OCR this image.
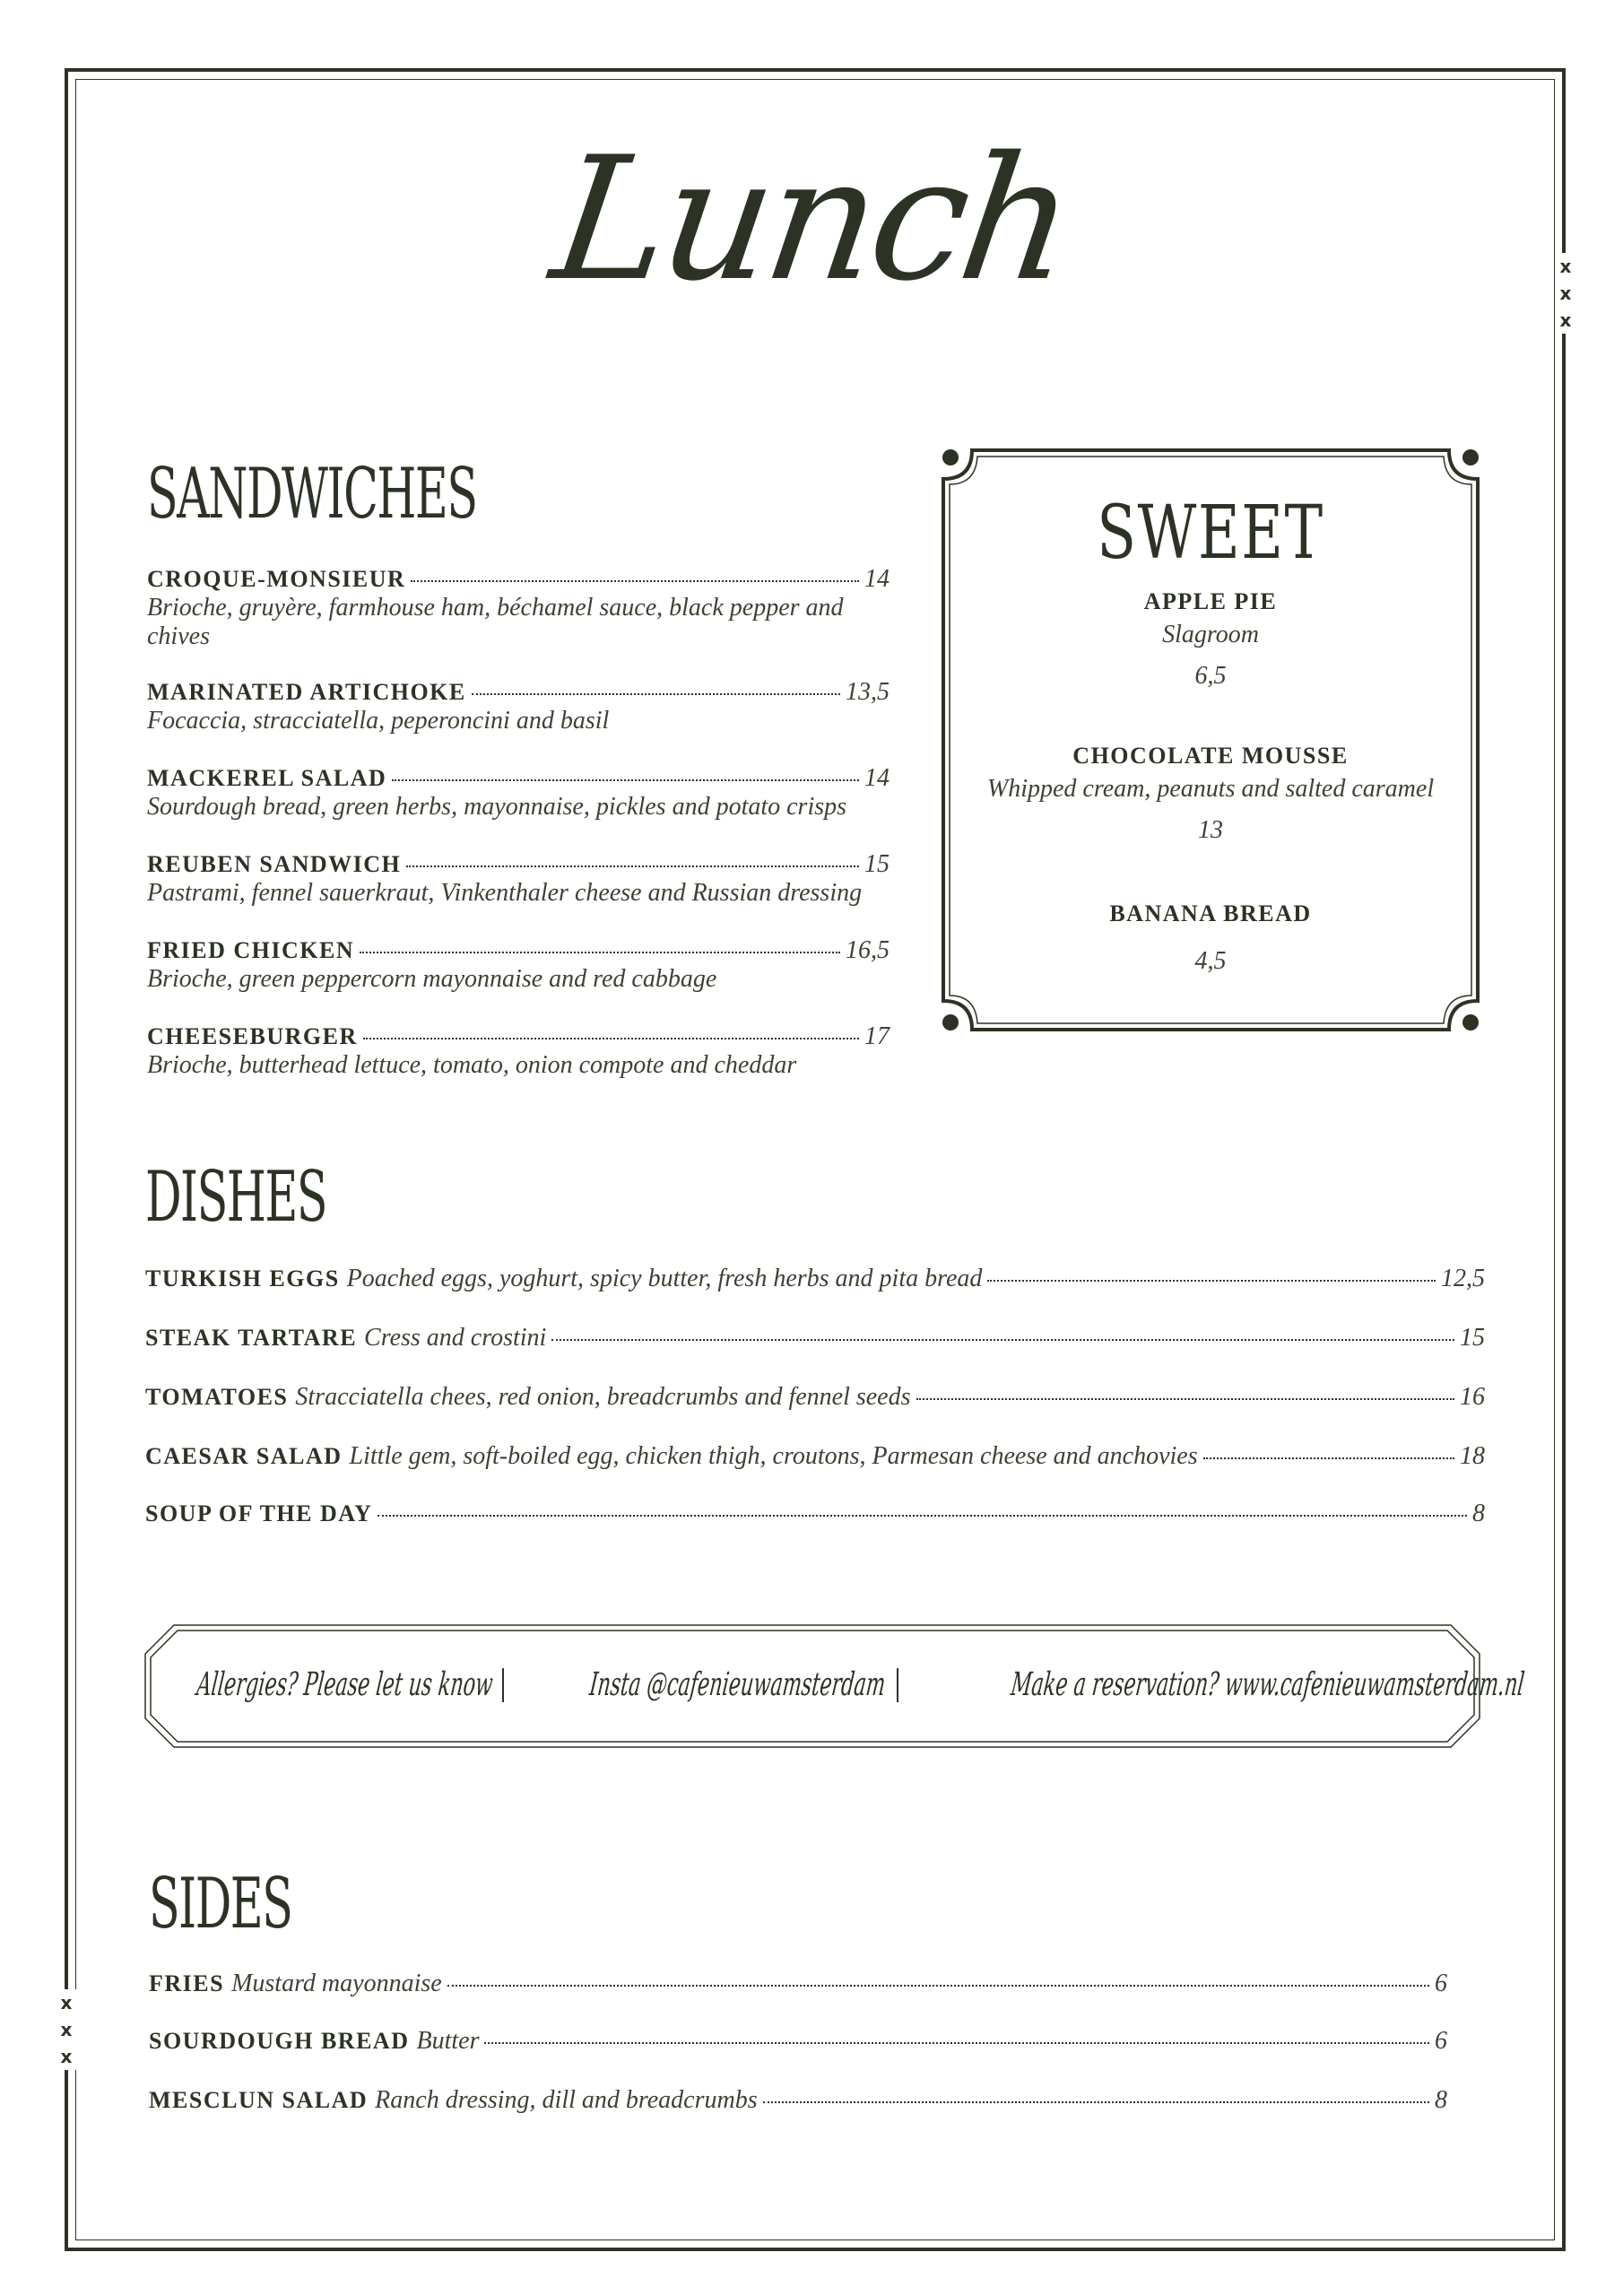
x
x
x
x
x
x
Lunch
SANDWICHES
CROQUE-MONSIEUR	14
Brioche, gruyère, farmhouse ham, béchamel sauce, black pepper and chives
MARINATED ARTICHOKE	13,5
Focaccia, stracciatella, peperoncini and basil
MACKEREL SALAD	14
Sourdough bread, green herbs, mayonnaise, pickles and potato crisps
REUBEN SANDWICH	15
Pastrami, fennel sauerkraut, Vinkenthaler cheese and Russian dressing
FRIED CHICKEN	16,5
Brioche, green peppercorn mayonnaise and red cabbage
CHEESEBURGER	17
Brioche, butterhead lettuce, tomato, onion compote and cheddar
SWEET
APPLE PIE
Slagroom
6,5
CHOCOLATE MOUSSE
Whipped cream, peanuts and salted caramel
13
BANANA BREAD
4,5
DISHES
TURKISH EGGS Poached eggs, yoghurt, spicy butter, fresh herbs and pita bread	12,5
STEAK TARTARE Cress and crostini	15
TOMATOES Stracciatella chees, red onion, breadcrumbs and fennel seeds	16
CAESAR SALAD Little gem, soft-boiled egg, chicken thigh, croutons, Parmesan cheese and anchovies	18
SOUP OF THE DAY	8
Allergies? Please let us know	Insta @cafenieuwamsterdam	Make a reservation? www.cafenieuwamsterdam.nl
SIDES
FRIES Mustard mayonnaise	6
SOURDOUGH BREAD Butter	6
MESCLUN SALAD Ranch dressing, dill and breadcrumbs	8
